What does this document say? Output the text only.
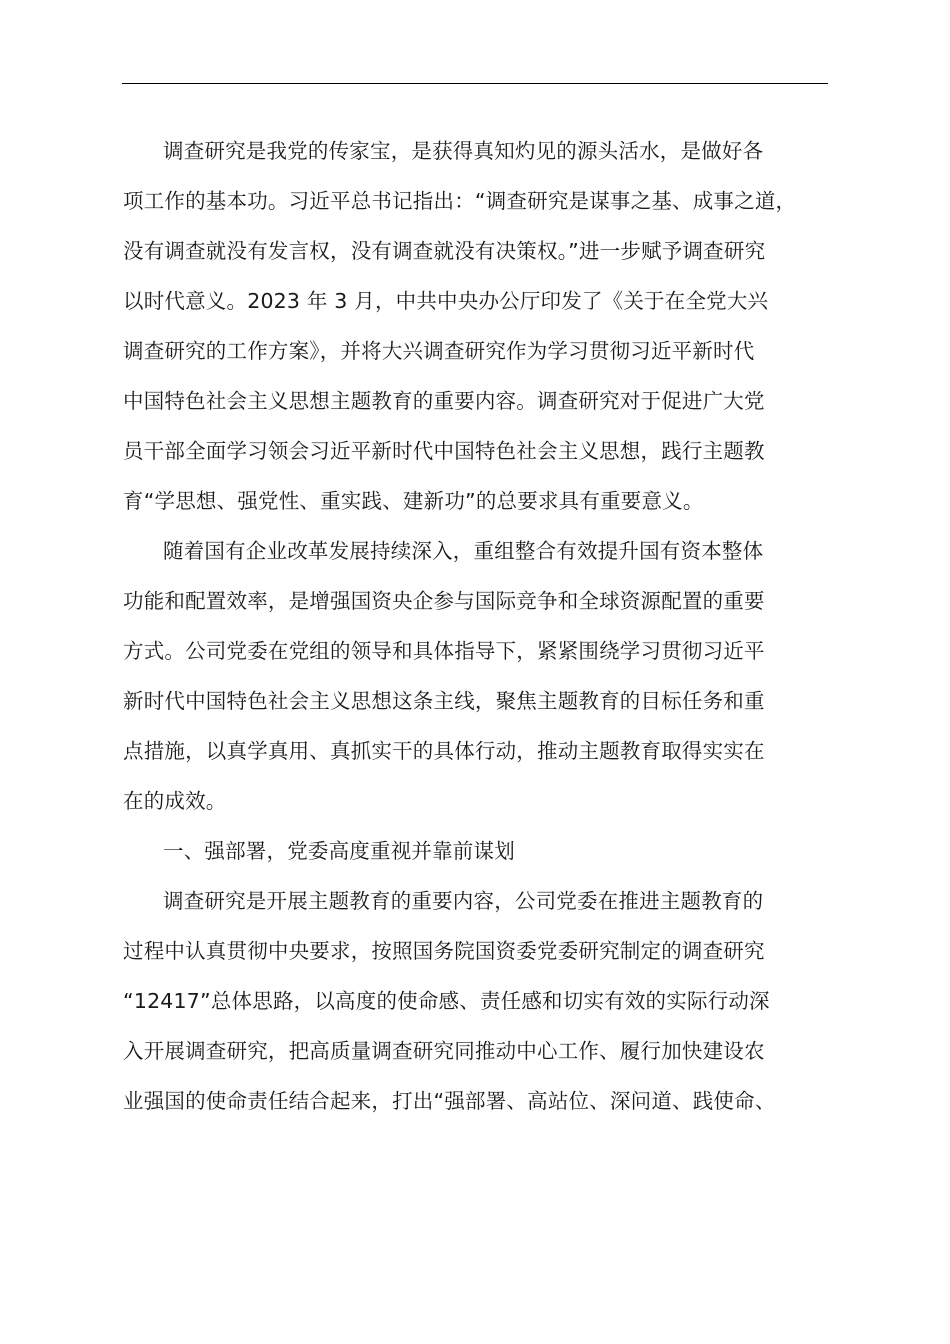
调查研究是我党的传家宝，是获得真知灼见的源头活水，是做好各
项工作的基本功。习近平总书记指出：“调查研究是谋事之基、成事之道，
没有调查就没有发言权，没有调查就没有决策权。”进一步赋予调查研究
以时代意义。2023 年 3 月，中共中央办公厅印发了《关于在全党大兴
调查研究的工作方案》，并将大兴调查研究作为学习贯彻习近平新时代
中国特色社会主义思想主题教育的重要内容。调查研究对于促进广大党
员干部全面学习领会习近平新时代中国特色社会主义思想，践行主题教
育“学思想、强党性、重实践、建新功”的总要求具有重要意义。
随着国有企业改革发展持续深入，重组整合有效提升国有资本整体
功能和配置效率，是增强国资央企参与国际竞争和全球资源配置的重要
方式。公司党委在党组的领导和具体指导下，紧紧围绕学习贯彻习近平
新时代中国特色社会主义思想这条主线，聚焦主题教育的目标任务和重
点措施，以真学真用、真抓实干的具体行动，推动主题教育取得实实在
在的成效。
一、强部署，党委高度重视并靠前谋划
调查研究是开展主题教育的重要内容，公司党委在推进主题教育的
过程中认真贯彻中央要求，按照国务院国资委党委研究制定的调查研究
“12417”总体思路，以高度的使命感、责任感和切实有效的实际行动深
入开展调查研究，把高质量调查研究同推动中心工作、履行加快建设农
业强国的使命责任结合起来，打出“强部署、高站位、深问道、践使命、
